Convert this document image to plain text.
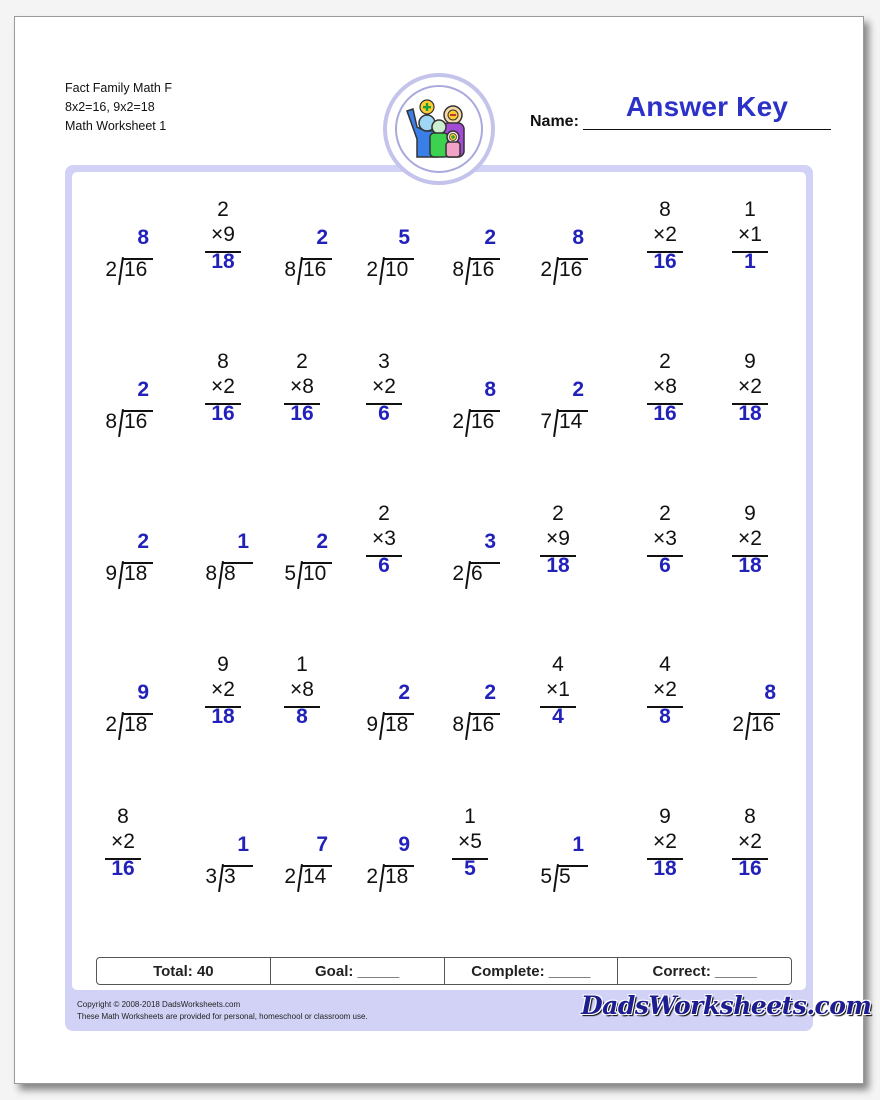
Fact Family Math F
8x2=16, 9x2=18
Math Worksheet 1	Name:	Answer Key
Total: 40	Goal: _____	Complete: _____	Correct: _____
8
2 16
2
×9
18
2
8 16
5
2 10
2
8 16
8
2 16
8
×2
16
1
×1
1
2
8 16
8
×2
16
2
×8
16
3
×2
6
8
2 16
2
7 14
2
×8
16
9
×2
18
2
9 18
1
8 8
2
5 10
2
×3
6
3
2 6
2
×9
18
2
×3
6
9
×2
18
9
2 18
9
×2
18
1
×8
8
2
9 18
2
8 16
4
×1
4
4
×2
8
8
2 16
8
×2
16
1
3 3
7
2 14
9
2 18
1
×5
5
1
5 5
9
×2
18
8
×2
16
Copyright © 2008-2018 DadsWorksheets.com
These Math Worksheets are provided for personal, homeschool or classroom use.	DadsWorksheets.com
